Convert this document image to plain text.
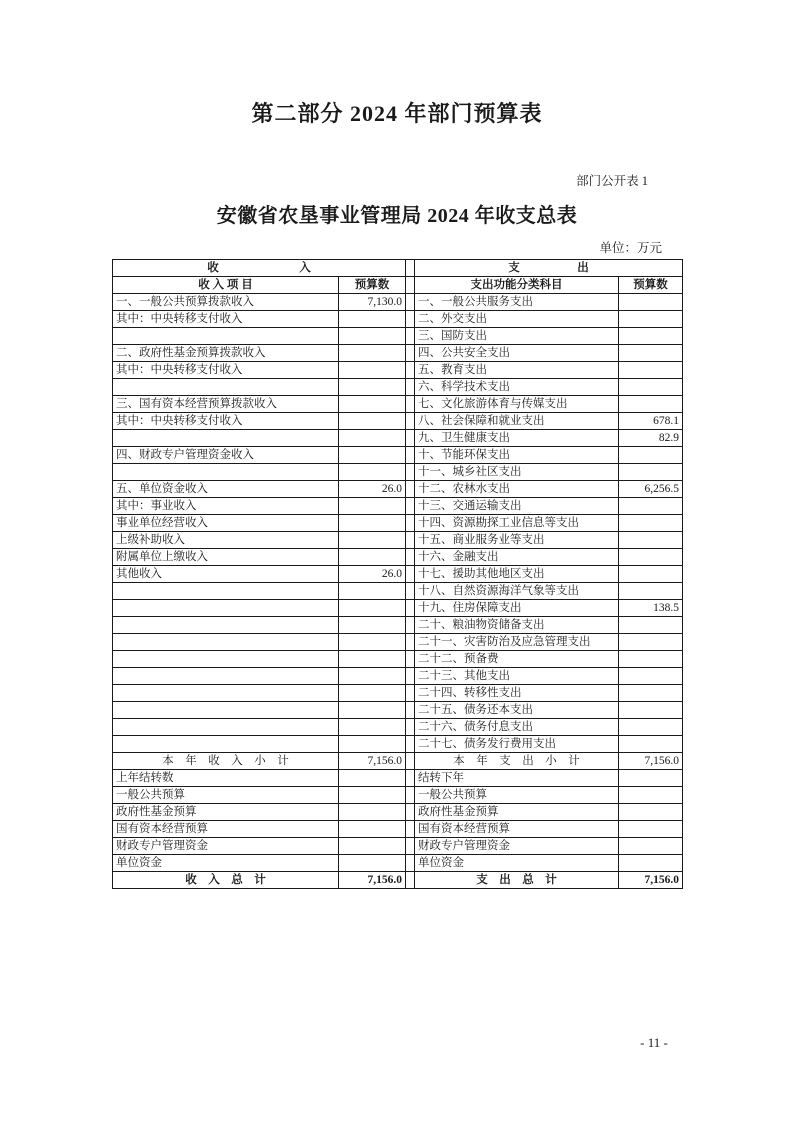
第二部分 2024 年部门预算表
部门公开表 1
安徽省农垦事业管理局 2024 年收支总表
单位：万元
收　　　　　　　入			支　　　　　出	
收 入 项 目	预算数		支出功能分类科目	预算数
一、一般公共预算拨款收入	7,130.0		一、一般公共服务支出	
其中：中央转移支付收入			二、外交支出	
			三、国防支出	
二、政府性基金预算拨款收入			四、公共安全支出	
其中：中央转移支付收入			五、教育支出	
			六、科学技术支出	
三、国有资本经营预算拨款收入			七、文化旅游体育与传媒支出	
其中：中央转移支付收入			八、社会保障和就业支出	678.1
			九、卫生健康支出	82.9
四、财政专户管理资金收入			十、节能环保支出	
			十一、城乡社区支出	
五、单位资金收入	26.0		十二、农林水支出	6,256.5
其中：事业收入			十三、交通运输支出	
事业单位经营收入			十四、资源勘探工业信息等支出	
上级补助收入			十五、商业服务业等支出	
附属单位上缴收入			十六、金融支出	
其他收入	26.0		十七、援助其他地区支出	
			十八、自然资源海洋气象等支出	
			十九、住房保障支出	138.5
			二十、粮油物资储备支出	
			二十一、灾害防治及应急管理支出	
			二十二、预备费	
			二十三、其他支出	
			二十四、转移性支出	
			二十五、债务还本支出	
			二十六、债务付息支出	
			二十七、债务发行费用支出	
本　年　收　入　小　计	7,156.0		本　年　支　出　小　计	7,156.0
上年结转数			结转下年	
一般公共预算			一般公共预算	
政府性基金预算			政府性基金预算	
国有资本经营预算			国有资本经营预算	
财政专户管理资金			财政专户管理资金	
单位资金			单位资金	
收　入　总　计	7,156.0		支　出　总　计	7,156.0
- 11 -
